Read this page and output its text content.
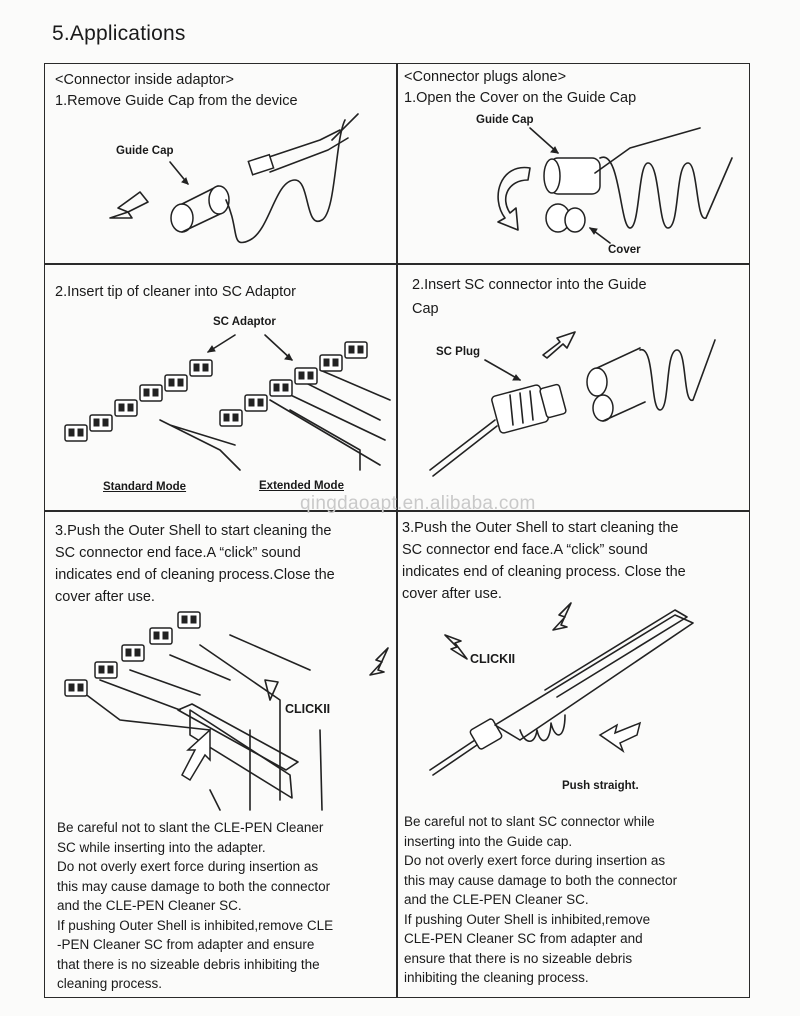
5.Applications
<Connector inside adaptor>
1.Remove Guide Cap from the device
Guide Cap
<Connector plugs alone>
1.Open the Cover on the Guide Cap
Guide Cap
Cover
2.Insert tip of cleaner into SC Adaptor
SC Adaptor
Standard Mode	Extended Mode
2.Insert SC connector into the Guide
Cap
SC Plug
qingdaoapt.en.alibaba.com
3.Push the Outer Shell to start cleaning the
SC connector end face.A “click” sound
indicates end of cleaning process.Close the
cover after use.
CLICKII
Be careful not to slant the CLE-PEN Cleaner
SC while inserting into the adapter.
Do not overly exert force during insertion as
this may cause damage to both the connector
and the CLE-PEN Cleaner SC.
If pushing Outer Shell is inhibited,remove CLE
-PEN Cleaner SC from adapter and ensure
that there is no sizeable debris inhibiting the
cleaning process.
3.Push the Outer Shell to start cleaning the
SC connector end face.A “click” sound
indicates end of cleaning process. Close the
cover after use.
CLICKII
Push straight.
Be careful not to slant SC connector while
inserting into the Guide cap.
Do not overly exert force during insertion as
this may cause damage to both the connector
and the CLE-PEN Cleaner SC.
If pushing Outer Shell is inhibited,remove
CLE-PEN Cleaner SC from adapter and
ensure that there is no sizeable debris
inhibiting the cleaning process.
